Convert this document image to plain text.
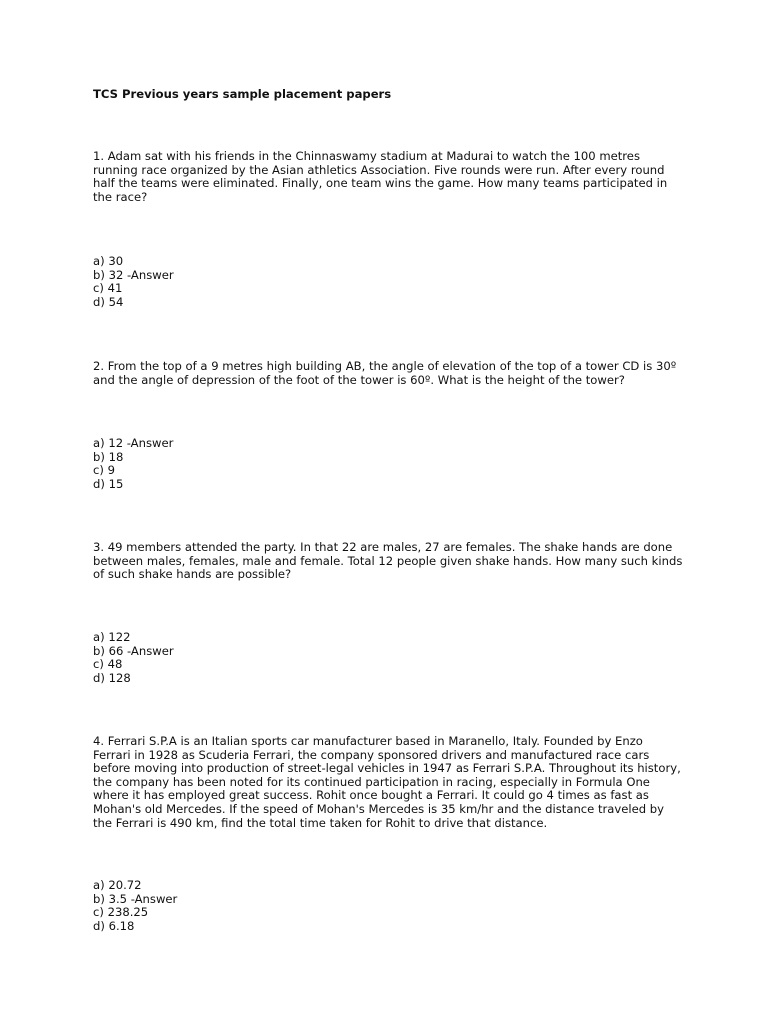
TCS Previous years sample placement papers
1. Adam sat with his friends in the Chinnaswamy stadium at Madurai to watch the 100 metres running race organized by the Asian athletics Association. Five rounds were run. After every round half the teams were eliminated. Finally, one team wins the game. How many teams participated in the race?
a) 30
b) 32 -Answer
c) 41
d) 54
2. From the top of a 9 metres high building AB, the angle of elevation of the top of a tower CD is 30º and the angle of depression of the foot of the tower is 60º. What is the height of the tower?
a) 12 -Answer
b) 18
c) 9
d) 15
3. 49 members attended the party. In that 22 are males, 27 are females. The shake hands are done between males, females, male and female. Total 12 people given shake hands. How many such kinds of such shake hands are possible?
a) 122
b) 66 -Answer
c) 48
d) 128
4. Ferrari S.P.A is an Italian sports car manufacturer based in Maranello, Italy. Founded by Enzo Ferrari in 1928 as Scuderia Ferrari, the company sponsored drivers and manufactured race cars before moving into production of street-legal vehicles in 1947 as Ferrari S.P.A. Throughout its history, the company has been noted for its continued participation in racing, especially in Formula One where it has employed great success. Rohit once bought a Ferrari. It could go 4 times as fast as Mohan's old Mercedes. If the speed of Mohan's Mercedes is 35 km/hr and the distance traveled by the Ferrari is 490 km, find the total time taken for Rohit to drive that distance.
a) 20.72
b) 3.5 -Answer
c) 238.25
d) 6.18
